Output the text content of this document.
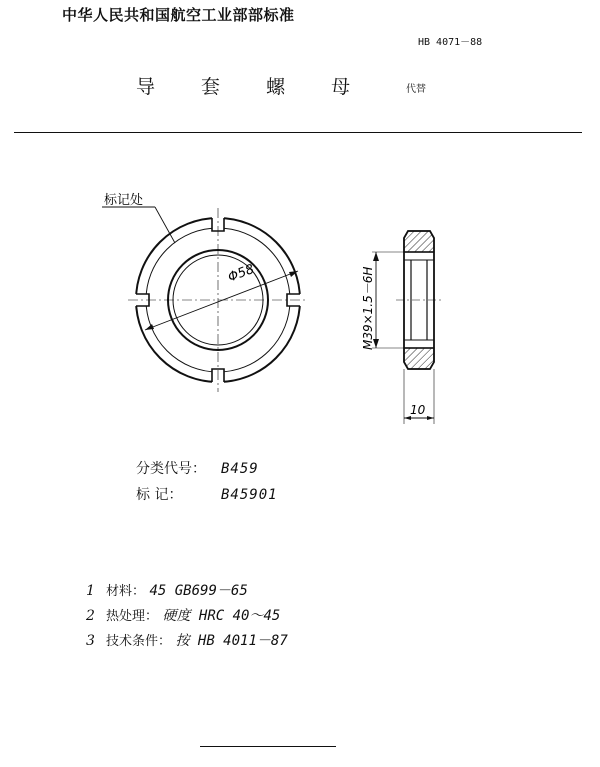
中华人民共和国航空工业部部标准
HB 4071－88
导 套 螺 母	代替
Φ58
标记处
M39×1.5－6H
10
分类代号： B459
标 记：	B45901
1 材料： 45 GB699－65
2 热处理： 硬度 HRC 40～45
3 技术条件： 按 HB 4011－87
